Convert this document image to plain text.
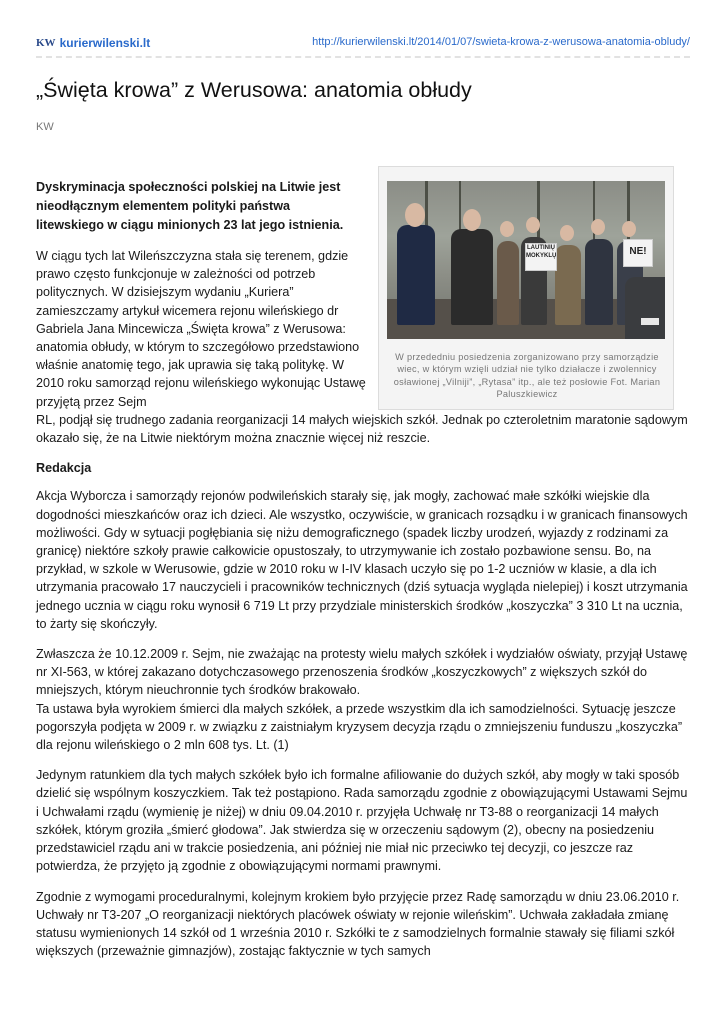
KW kurierwilenski.lt	http://kurierwilenski.lt/2014/01/07/swieta-krowa-z-werusowa-anatomia-obludy/
„Święta krowa” z Werusowa: anatomia obłudy
KW
LAUTINIŲ MOKYKLŲ	NE!
W przededniu posiedzenia zorganizowano przy samorządzie wiec, w którym wzięli udział nie tylko działacze i zwolennicy osławionej „Vilniji”, „Rytasa” itp., ale też posłowie Fot. Marian Paluszkiewicz

Dyskryminacja społeczności polskiej na Litwie jest nieodłącznym elementem polityki państwa litewskiego w ciągu minionych 23 lat jego istnienia.

W ciągu tych lat Wileńszczyzna stała się terenem, gdzie prawo często funkcjonuje w zależności od potrzeb politycznych. W dzisiejszym wydaniu „Kuriera” zamieszczamy artykuł wicemera rejonu wileńskiego dr Gabriela Jana Mincewicza „Święta krowa” z Werusowa: anatomia obłudy, w którym to szczegółowo przedstawiono właśnie anatomię tego, jak uprawia się taką politykę. W 2010 roku samorząd rejonu wileńskiego wykonując Ustawę przyjętą przez Sejm

RL, podjął się trudnego zadania reorganizacji 14 małych wiejskich szkół. Jednak po czteroletnim maratonie sądowym okazało się, że na Litwie niektórym można znacznie więcej niż reszcie.

Redakcja

Akcja Wyborcza i samorządy rejonów podwileńskich starały się, jak mogły, zachować małe szkółki wiejskie dla dogodności mieszkańców oraz ich dzieci. Ale wszystko, oczywiście, w granicach rozsądku i w granicach finansowych możliwości. Gdy w sytuacji pogłębiania się niżu demograficznego (spadek liczby urodzeń, wyjazdy z rodzinami za granicę) niektóre szkoły prawie całkowicie opustoszały, to utrzymywanie ich zostało pozbawione sensu. Bo, na przykład, w szkole w Werusowie, gdzie w 2010 roku w I-IV klasach uczyło się po 1-2 uczniów w klasie, a dla ich utrzymania pracowało 17 nauczycieli i pracowników technicznych (dziś sytuacja wygląda nielepiej) i koszt utrzymania jednego ucznia w ciągu roku wynosił 6 719 Lt przy przydziale ministerskich środków „koszyczka” 3 310 Lt na ucznia, to żarty się skończyły.

Zwłaszcza że 10.12.2009 r. Sejm, nie zważając na protesty wielu małych szkółek i wydziałów oświaty, przyjął Ustawę nr XI-563, w której zakazano dotychczasowego przenoszenia środków „koszyczkowych” z większych szkół do mniejszych, którym nieuchronnie tych środków brakowało.

Ta ustawa była wyrokiem śmierci dla małych szkółek, a przede wszystkim dla ich samodzielności. Sytuację jeszcze pogorszyła podjęta w 2009 r. w związku z zaistniałym kryzysem decyzja rządu o zmniejszeniu funduszu „koszyczka” dla rejonu wileńskiego o 2 mln 608 tys. Lt. (1)

Jedynym ratunkiem dla tych małych szkółek było ich formalne afiliowanie do dużych szkół, aby mogły w taki sposób dzielić się wspólnym koszyczkiem. Tak też postąpiono. Rada samorządu zgodnie z obowiązującymi Ustawami Sejmu i Uchwałami rządu (wymienię je niżej) w dniu 09.04.2010 r. przyjęła Uchwałę nr T3-88 o reorganizacji 14 małych szkółek, którym groziła „śmierć głodowa”. Jak stwierdza się w orzeczeniu sądowym (2), obecny na posiedzeniu przedstawiciel rządu ani w trakcie posiedzenia, ani później nie miał nic przeciwko tej decyzji, co jeszcze raz potwierdza, że przyjęto ją zgodnie z obowiązującymi normami prawnymi.

Zgodnie z wymogami proceduralnymi, kolejnym krokiem było przyjęcie przez Radę samorządu w dniu 23.06.2010 r. Uchwały nr T3-207 „O reorganizacji niektórych placówek oświaty w rejonie wileńskim”. Uchwała zakładała zmianę statusu wymienionych 14 szkół od 1 września 2010 r. Szkółki te z samodzielnych formalnie stawały się filiami szkół większych (przeważnie gimnazjów), zostając faktycznie w tych samych
